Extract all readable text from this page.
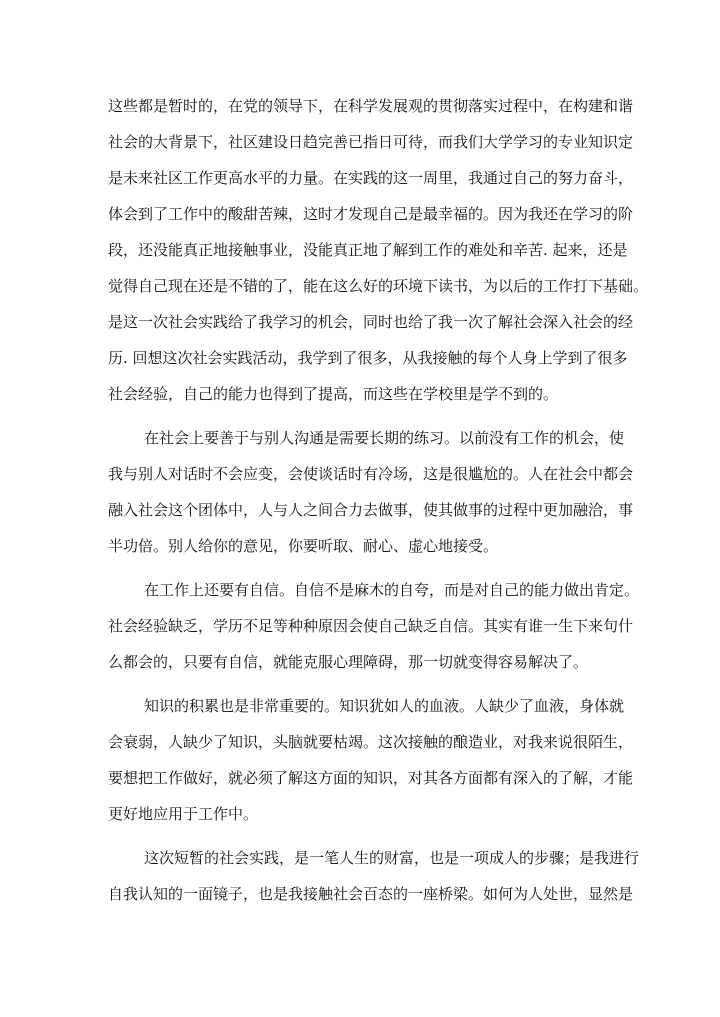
这些都是暂时的，在党的领导下，在科学发展观的贯彻落实过程中，在构建和谐
社会的大背景下，社区建设日趋完善已指日可待，而我们大学学习的专业知识定
是未来社区工作更高水平的力量。在实践的这一周里，我通过自己的努力奋斗，
体会到了工作中的酸甜苦辣，这时才发现自己是最幸福的。因为我还在学习的阶
段，还没能真正地接触事业，没能真正地了解到工作的难处和辛苦. 起来，还是
觉得自己现在还是不错的了，能在这么好的环境下读书，为以后的工作打下基础。
是这一次社会实践给了我学习的机会，同时也给了我一次了解社会深入社会的经
历. 回想这次社会实践活动，我学到了很多，从我接触的每个人身上学到了很多
社会经验，自己的能力也得到了提高，而这些在学校里是学不到的。
在社会上要善于与别人沟通是需要长期的练习。以前没有工作的机会，使
我与别人对话时不会应变，会使谈话时有冷场，这是很尴尬的。人在社会中都会
融入社会这个团体中，人与人之间合力去做事，使其做事的过程中更加融洽，事
半功倍。别人给你的意见，你要听取、耐心、虚心地接受。
在工作上还要有自信。自信不是麻木的自夸，而是对自己的能力做出肯定。
社会经验缺乏，学历不足等种种原因会使自己缺乏自信。其实有谁一生下来句什
么都会的，只要有自信，就能克服心理障碍，那一切就变得容易解决了。
知识的积累也是非常重要的。知识犹如人的血液。人缺少了血液，身体就
会衰弱，人缺少了知识，头脑就要枯竭。这次接触的酿造业，对我来说很陌生，
要想把工作做好，就必须了解这方面的知识，对其各方面都有深入的了解，才能
更好地应用于工作中。
这次短暂的社会实践，是一笔人生的财富，也是一项成人的步骤；是我进行
自我认知的一面镜子，也是我接触社会百态的一座桥梁。如何为人处世，显然是
